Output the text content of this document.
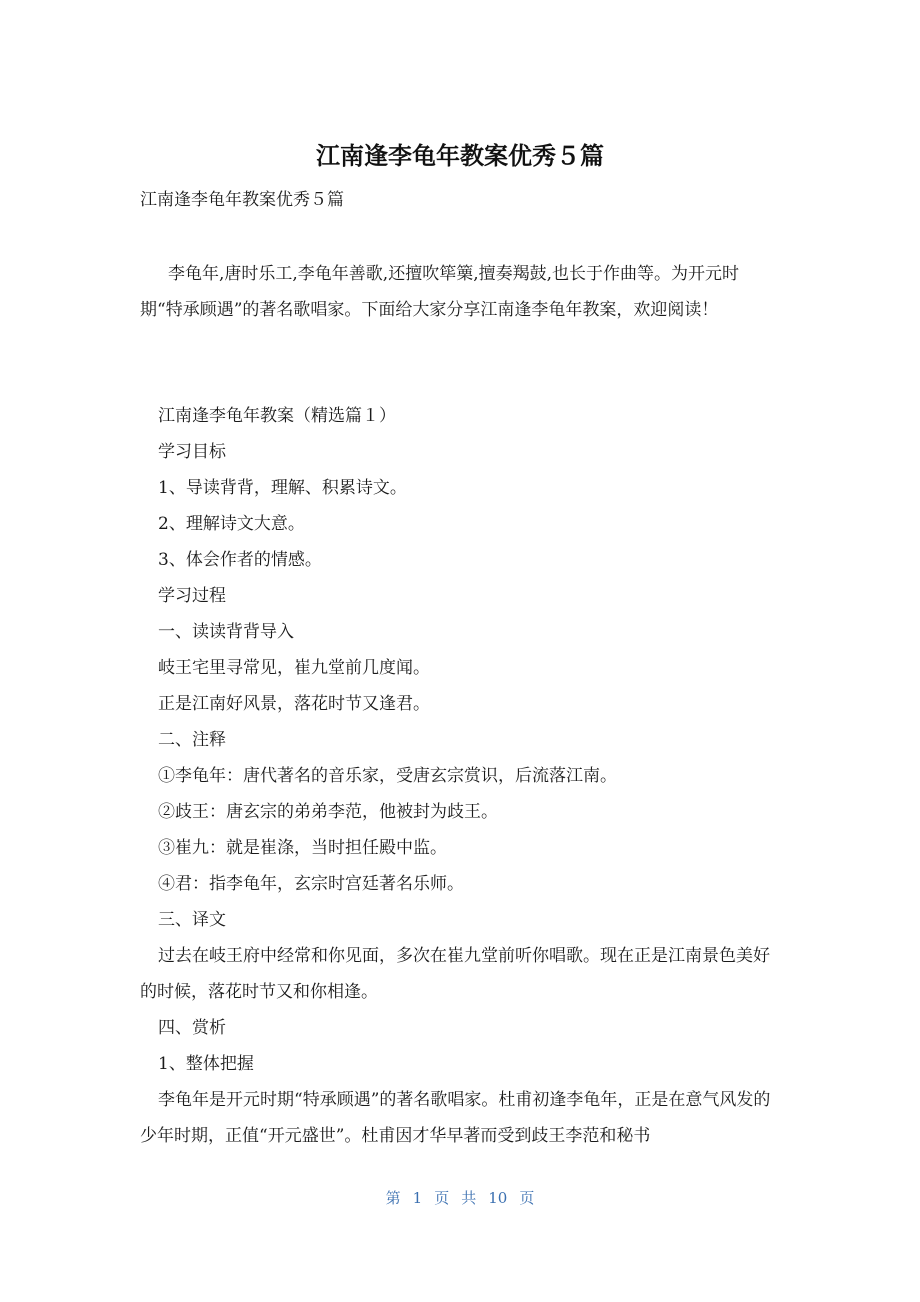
江南逢李龟年教案优秀５篇
江南逢李龟年教案优秀５篇
李龟年,唐时乐工,李龟年善歌,还擅吹筚篥,擅奏羯鼓,也长于作曲等。为开元时期“特承顾遇”的著名歌唱家。下面给大家分享江南逢李龟年教案，欢迎阅读！

江南逢李龟年教案（精选篇１）

学习目标

1、导读背背，理解、积累诗文。

2、理解诗文大意。

3、体会作者的情感。

学习过程

一、读读背背导入

岐王宅里寻常见，崔九堂前几度闻。

正是江南好风景，落花时节又逢君。

二、注释

①李龟年：唐代著名的音乐家，受唐玄宗赏识，后流落江南。

②歧王：唐玄宗的弟弟李范，他被封为歧王。

③崔九：就是崔涤，当时担任殿中监。

④君：指李龟年，玄宗时宫廷著名乐师。

三、译文

过去在岐王府中经常和你见面，多次在崔九堂前听你唱歌。现在正是江南景色美好的时候，落花时节又和你相逢。

四、赏析

1、整体把握

李龟年是开元时期“特承顾遇”的著名歌唱家。杜甫初逢李龟年，正是在意气风发的少年时期，正值“开元盛世”。杜甫因才华早著而受到歧王李范和秘书

第 1 页 共 10 页
